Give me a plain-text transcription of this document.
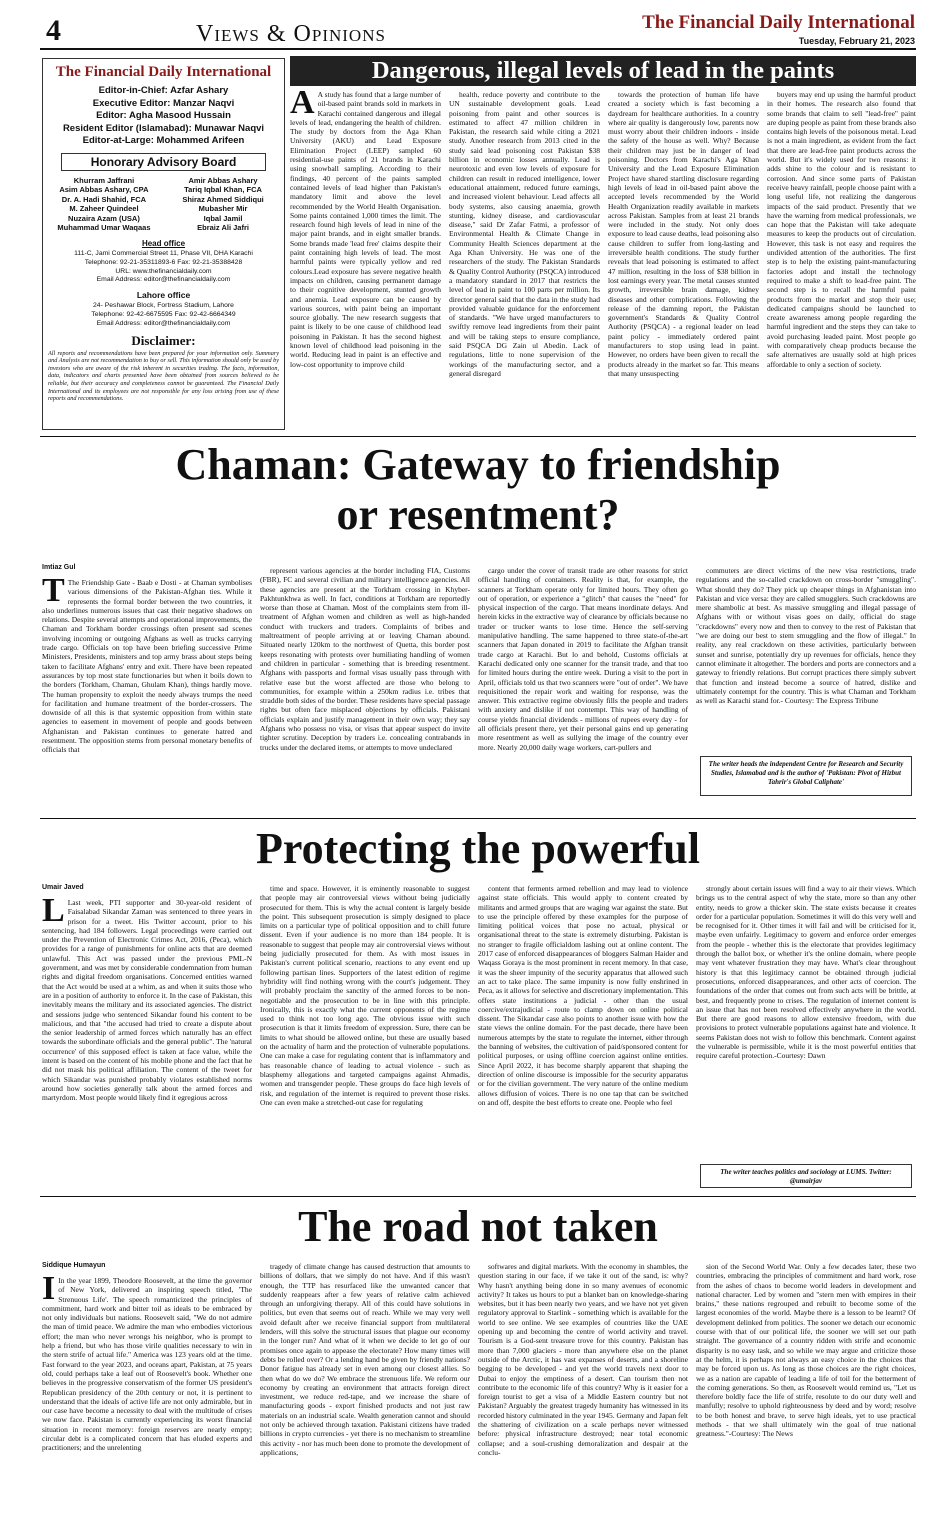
4	Views & Opinions	The Financial Daily International
Tuesday, February 21, 2023
The Financial Daily International
Editor-in-Chief: Azfar Ashary
Executive Editor: Manzar Naqvi
Editor: Agha Masood Hussain
Resident Editor (Islamabad): Munawar Naqvi
Editor-at-Large: Mohammed Arifeen
Honorary Advisory Board
Khurram Jaffrani
Asim Abbas Ashary, CPA
Dr. A. Hadi Shahid, FCA
M. Zaheer Quindeel
Nuzaira Azam (USA)
Muhammad Umar Waqaas
Amir Abbas Ashary
Tariq Iqbal Khan, FCA
Shiraz Ahmed Siddiqui
Mubasher Mir
Iqbal Jamil
Ebraiz Ali Jafri
Head office
111-C, Jami Commercial Street 11, Phase VII, DHA Karachi
Telephone: 92-21-35311893-6 Fax: 92-21-35388428
URL: www.thefinancialdaily.com
Email Address: editor@thefinancialdaily.com
Lahore office
24- Peshawar Block, Fortress Stadium, Lahore
Telephone: 92-42-6675595 Fax: 92-42-6664349
Email Address: editor@thefinancialdaily.com
Disclaimer:
All reports and recommendations have been prepared for your information only. Summary and Analysis are not recommendation to buy or sell. This information should only be used by investors who are aware of the risk inherent in securities trading. The facts, information, data, indicators and charts presented have been obtained from sources believed to be reliable, but their accuracy and completeness cannot be guaranteed. The Financial Daily International and its employees are not responsible for any loss arising from use of these reports and recommendations.
Dangerous, illegal levels of lead in the paints

A A study has found that a large number of oil-based paint brands sold in markets in Karachi contained dangerous and illegal levels of lead, endangering the health of children. The study by doctors from the Aga Khan University (AKU) and Lead Exposure Elimination Project (LEEP) sampled 60 residential-use paints of 21 brands in Karachi using snowball sampling. According to their findings, 40 percent of the paints sampled contained levels of lead higher than Pakistan's mandatory limit and above the level recommended by the World Health Organisation. Some paints contained 1,000 times the limit. The research found high levels of lead in nine of the major paint brands, and in eight smaller brands. Some brands made 'lead free' claims despite their paint containing high levels of lead. The most harmful paints were typically yellow and red colours.Lead exposure has severe negative health impacts on children, causing permanent damage to their cognitive development, stunted growth and anemia. Lead exposure can be caused by various sources, with paint being an important source globally. The new research suggests that paint is likely to be one cause of childhood lead poisoning in Pakistan. It has the second highest known level of childhood lead poisoning in the world. Reducing lead in paint is an effective and low-cost opportunity to improve child

health, reduce poverty and contribute to the UN sustainable development goals. Lead poisoning from paint and other sources is estimated to affect 47 million children in Pakistan, the research said while citing a 2021 study. Another research from 2013 cited in the study said lead poisoning cost Pakistan $38 billion in economic losses annually. Lead is neurotoxic and even low levels of exposure for children can result in reduced intelligence, lower educational attainment, reduced future earnings, and increased violent behaviour. Lead affects all body systems, also causing anaemia, growth stunting, kidney disease, and cardiovascular disease," said Dr Zafar Fatmi, a professor of Environmental Health & Climate Change in Community Health Sciences department at the Aga Khan University. He was one of the researchers of the study. The Pakistan Standards & Quality Control Authority (PSQCA) introduced a mandatory standard in 2017 that restricts the level of lead in paint to 100 parts per million. Its director general said that the data in the study had provided valuable guidance for the enforcement of standards. "We have urged manufacturers to swiftly remove lead ingredients from their paint and will be taking steps to ensure compliance, said PSQCA DG Zain ul Abedin. Lack of regulations, little to none supervision of the workings of the manufacturing sector, and a general disregard

towards the protection of human life have created a society which is fast becoming a daydream for healthcare authorities. In a country where air quality is dangerously low, parents now must worry about their children indoors - inside the safety of the house as well. Why? Because their children may just be in danger of lead poisoning. Doctors from Karachi's Aga Khan University and the Lead Exposure Elimination Project have shared startling disclosure regarding high levels of lead in oil-based paint above the accepted levels recommended by the World Health Organization readily available in markets across Pakistan. Samples from at least 21 brands were included in the study. Not only does exposure to lead cause deaths, lead poisoning also cause children to suffer from long-lasting and irreversible health conditions. The study further reveals that lead poisoning is estimated to affect 47 million, resulting in the loss of $38 billion in lost earnings every year. The metal causes stunted growth, irreversible brain damage, kidney diseases and other complications. Following the release of the damning report, the Pakistan government's Standards & Quality Control Authority (PSQCA) - a regional leader on lead paint policy - immediately ordered paint manufacturers to stop using lead in paint. However, no orders have been given to recall the products already in the market so far. This means that many unsuspecting

buyers may end up using the harmful product in their homes. The research also found that some brands that claim to sell "lead-free" paint are duping people as paint from these brands also contains high levels of the poisonous metal. Lead is not a main ingredient, as evident from the fact that there are lead-free paint products across the world. But it's widely used for two reasons: it adds shine to the colour and is resistant to corrosion. And since some parts of Pakistan receive heavy rainfall, people choose paint with a long useful life, not realizing the dangerous impacts of the said product. Presently that we have the warning from medical professionals, we can hope that the Pakistan will take adequate measures to keep the products out of circulation. However, this task is not easy and requires the undivided attention of the authorities. The first step is to help the existing paint-manufacturing factories adopt and install the technology required to make a shift to lead-free paint. The second step is to recall the harmful paint products from the market and stop their use; dedicated campaigns should be launched to create awareness among people regarding the harmful ingredient and the steps they can take to avoid purchasing leaded paint. Most people go with comparatively cheap products because the safe alternatives are usually sold at high prices affordable to only a section of society.

Chaman: Gateway to friendship
or resentment?
Imtiaz Gul

T The Friendship Gate - Baab e Dosti - at Chaman symbolises various dimensions of the Pakistan-Afghan ties. While it represents the formal border between the two countries, it also underlines numerous issues that cast their negative shadows on relations. Despite several attempts and operational improvements, the Chaman and Torkham border crossings often present sad scenes involving incoming or outgoing Afghans as well as trucks carrying trade cargo. Officials on top have been briefing successive Prime Ministers, Presidents, ministers and top army brass about steps being taken to facilitate Afghans' entry and exit. There have been repeated assurances by top most state functionaries but when it boils down to the borders (Torkham, Chaman, Ghulam Khan), things hardly move. The human propensity to exploit the needy always trumps the need for facilitation and humane treatment of the border-crossers. The downside of all this is that systemic opposition from within state agencies to easement in movement of people and goods between Afghanistan and Pakistan continues to generate hatred and resentment. The opposition stems from personal monetary benefits of officials that

represent various agencies at the border including FIA, Customs (FBR), FC and several civilian and military intelligence agencies. All these agencies are present at the Torkham crossing in Khyber-Pakhtunkhwa as well. In fact, conditions at Torkham are reportedly worse than those at Chaman. Most of the complaints stem from ill-treatment of Afghan women and children as well as high-handed conduct with truckers and traders. Complaints of bribes and maltreatment of people arriving at or leaving Chaman abound. Situated nearly 120km to the northwest of Quetta, this border post keeps resonating with protests over humiliating handling of women and children in particular - something that is breeding resentment. Afghans with passports and formal visas usually pass through with relative ease but the worst affected are those who belong to communities, for example within a 250km radius i.e. tribes that straddle both sides of the border. These residents have special passage rights but often face misplaced objections by officials. Pakistani officials explain and justify management in their own way; they say Afghans who possess no visa, or visas that appear suspect do invite tighter scrutiny. Deception by traders i.e. concealing contrabands in trucks under the declared items, or attempts to move undeclared

cargo under the cover of transit trade are other reasons for strict official handling of containers. Reality is that, for example, the scanners at Torkham operate only for limited hours. They often go out of operation, or experience a "glitch" that causes the "need" for physical inspection of the cargo. That means inordinate delays. And herein kicks in the extractive way of clearance by officials because no trader or trucker wants to lose time. Hence the self-serving manipulative handling. The same happened to three state-of-the-art scanners that Japan donated in 2019 to facilitate the Afghan transit trade cargo at Karachi. But lo and behold, Customs officials at Karachi dedicated only one scanner for the transit trade, and that too for limited hours during the entire week. During a visit to the port in April, officials told us that two scanners were "out of order". We have requisitioned the repair work and waiting for response, was the answer. This extractive regime obviously fills the people and traders with anxiety and dislike if not contempt. This way of handling of course yields financial dividends - millions of rupees every day - for all officials present there, yet their personal gains end up generating more resentment as well as sullying the image of the country ever more. Nearly 20,000 daily wage workers, cart-pullers and

commuters are direct victims of the new visa restrictions, trade regulations and the so-called crackdown on cross-border "smuggling". What should they do? They pick up cheaper things in Afghanistan into Pakistan and vice versa: they are called smugglers. Such crackdowns are mere shambolic at best. As massive smuggling and illegal passage of Afghans with or without visas goes on daily, official do stage "crackdowns" every now and then to convey to the rest of Pakistan that "we are doing our best to stem smuggling and the flow of illegal." In reality, any real crackdown on these activities, particularly between sunset and sunrise, potentially dry up revenues for officials, hence they cannot eliminate it altogether. The borders and ports are connectors and a gateway to friendly relations. But corrupt practices there simply subvert that function and instead become a source of hatred, dislike and ultimately contempt for the country. This is what Chaman and Torkham as well as Karachi stand for.- Courtesy: The Express Tribune

The writer heads the independent Centre for Research and Security Studies, Islamabad and is the author of 'Pakistan: Pivot of Hizbut Tahrir's Global Caliphate'
Protecting the powerful
Umair Javed

L Last week, PTI supporter and 30-year-old resident of Faisalabad Sikandar Zaman was sentenced to three years in prison for a tweet. His Twitter account, prior to his sentencing, had 184 followers. Legal proceedings were carried out under the Prevention of Electronic Crimes Act, 2016, (Peca), which provides for a range of punishments for online acts that are deemed unlawful. This Act was passed under the previous PML-N government, and was met by considerable condemnation from human rights and digital freedom organisations. Concerned entities warned that the Act would be used at a whim, as and when it suits those who are in a position of authority to enforce it. In the case of Pakistan, this inevitably means the military and its associated agencies. The district and sessions judge who sentenced Sikandar found his content to be malicious, and that "the accused had tried to create a dispute about the senior leadership of armed forces which naturally has an effect towards the subordinate officials and the general public". The 'natural occurrence' of this supposed effect is taken at face value, while the intent is based on the content of his mobile phone and the fact that he did not mask his political affiliation. The content of the tweet for which Sikandar was punished probably violates established norms around how societies generally talk about the armed forces and martyrdom. Most people would likely find it egregious across

time and space. However, it is eminently reasonable to suggest that people may air controversial views without being judicially prosecuted for them. This is why the actual content is largely beside the point. This subsequent prosecution is simply designed to place limits on a particular type of political opposition and to chill future dissent. Even if your audience is no more than 184 people. It is reasonable to suggest that people may air controversial views without being judicially prosecuted for them. As with most issues in Pakistan's current political scenario, reactions to any event end up following partisan lines. Supporters of the latest edition of regime hybridity will find nothing wrong with the court's judgement. They will probably proclaim the sanctity of the armed forces to be non-negotiable and the prosecution to be in line with this principle. Ironically, this is exactly what the current opponents of the regime used to think not too long ago. The obvious issue with such prosecution is that it limits freedom of expression. Sure, there can be limits to what should be allowed online, but these are usually based on the actuality of harm and the protection of vulnerable populations. One can make a case for regulating content that is inflammatory and has reasonable chance of leading to actual violence - such as blasphemy allegations and targeted campaigns against Ahmadis, women and transgender people. These groups do face high levels of risk, and regulation of the internet is required to prevent those risks. One can even make a stretched-out case for regulating

content that ferments armed rebellion and may lead to violence against state officials. This would apply to content created by militants and armed groups that are waging war against the state. But to use the principle offered by these examples for the purpose of limiting political voices that pose no actual, physical or organisational threat to the state is extremely disturbing. Pakistan is no stranger to fragile officialdom lashing out at online content. The 2017 case of enforced disappearances of bloggers Salman Haider and Waqass Goraya is the most prominent in recent memory. In that case, it was the sheer impunity of the security apparatus that allowed such an act to take place. The same impunity is now fully enshrined in Peca, as it allows for selective and discretionary implementation. This offers state institutions a judicial - other than the usual coercive/extrajudicial - route to clamp down on online political dissent. The Sikandar case also points to another issue with how the state views the online domain. For the past decade, there have been numerous attempts by the state to regulate the internet, either through the banning of websites, the cultivation of paid/sponsored content for political purposes, or using offline coercion against online entities. Since April 2022, it has become sharply apparent that shaping the direction of online discourse is impossible for the security apparatus or for the civilian government. The very nature of the online medium allows diffusion of voices. There is no one tap that can be switched on and off, despite the best efforts to create one. People who feel

strongly about certain issues will find a way to air their views. Which brings us to the central aspect of why the state, more so than any other entity, needs to grow a thicker skin. The state exists because it creates order for a particular population. Sometimes it will do this very well and be recognised for it. Other times it will fail and will be criticised for it, maybe even unfairly. Legitimacy to govern and enforce order emerges from the people - whether this is the electorate that provides legitimacy through the ballot box, or whether it's the online domain, where people may vent whatever frustration they may have. What's clear throughout history is that this legitimacy cannot be obtained through judicial prosecutions, enforced disappearances, and other acts of coercion. The foundations of the order that comes out from such acts will be brittle, at best, and frequently prone to crises. The regulation of internet content is an issue that has not been resolved effectively anywhere in the world. But there are good reasons to allow extensive freedom, with due provisions to protect vulnerable populations against hate and violence. It seems Pakistan does not wish to follow this benchmark. Content against the vulnerable is permissible, while it is the most powerful entities that require careful protection.-Courtesy: Dawn

The writer teaches politics and sociology at LUMS. Twitter: @umairjav
The road not taken
Siddique Humayun

I In the year 1899, Theodore Roosevelt, at the time the governor of New York, delivered an inspiring speech titled, 'The Strenuous Life'. The speech romanticized the principles of commitment, hard work and bitter toil as ideals to be embraced by not only individuals but nations. Roosevelt said, "We do not admire the man of timid peace. We admire the man who embodies victorious effort; the man who never wrongs his neighbor, who is prompt to help a friend, but who has those virile qualities necessary to win in the stern strife of actual life." America was 123 years old at the time. Fast forward to the year 2023, and oceans apart, Pakistan, at 75 years old, could perhaps take a leaf out of Roosevelt's book. Whether one believes in the progressive conservatism of the former US president's Republican presidency of the 20th century or not, it is pertinent to understand that the ideals of active life are not only admirable, but in our case have become a necessity to deal with the multitude of crises we now face. Pakistan is currently experiencing its worst financial situation in recent memory: foreign reserves are nearly empty; circular debt is a complicated concern that has eluded experts and practitioners; and the unrelenting

tragedy of climate change has caused destruction that amounts to billions of dollars, that we simply do not have. And if this wasn't enough, the TTP has resurfaced like the unwanted cancer that suddenly reappears after a few years of relative calm achieved through an unforgiving therapy. All of this could have solutions in politics, but even that seems out of reach. While we may very well avoid default after we receive financial support from multilateral lenders, will this solve the structural issues that plague our economy in the longer run? And what of it when we decide to let go of our promises once again to appease the electorate? How many times will debts be rolled over? Or a lending hand be given by friendly nations? Donor fatigue has already set in even among our closest allies. So then what do we do? We embrace the strenuous life. We reform our economy by creating an environment that attracts foreign direct investment, we reduce red-tape, and we increase the share of manufacturing goods - export finished products and not just raw materials on an industrial scale. Wealth generation cannot and should not only be achieved through taxation. Pakistani citizens have traded billions in crypto currencies - yet there is no mechanism to streamline this activity - nor has much been done to promote the development of applications,

softwares and digital markets. With the economy in shambles, the question staring in our face, if we take it out of the sand, is: why? Why hasn't anything being done in so many avenues of economic activity? It takes us hours to put a blanket ban on knowledge-sharing websites, but it has been nearly two years, and we have not yet given regulatory approval to Starlink - something which is available for the world to see online. We see examples of countries like the UAE opening up and becoming the centre of world activity and travel. Tourism is a God-sent treasure trove for this country. Pakistan has more than 7,000 glaciers - more than anywhere else on the planet outside of the Arctic, it has vast expanses of deserts, and a shoreline begging to be developed - and yet the world travels next door to Dubai to enjoy the emptiness of a desert. Can tourism then not contribute to the economic life of this country? Why is it easier for a foreign tourist to get a visa of a Middle Eastern country but not Pakistan? Arguably the greatest tragedy humanity has witnessed in its recorded history culminated in the year 1945. Germany and Japan felt the shattering of civilization on a scale perhaps never witnessed before: physical infrastructure destroyed; near total economic collapse; and a soul-crushing demoralization and despair at the conclu-

sion of the Second World War. Only a few decades later, these two countries, embracing the principles of commitment and hard work, rose from the ashes of chaos to become world leaders in development and national character. Led by women and "stern men with empires in their brains," these nations regrouped and rebuilt to become some of the largest economies of the world. Maybe there is a lesson to be learnt? Of development delinked from politics. The sooner we detach our economic course with that of our political life, the sooner we will set our path straight. The governance of a country ridden with strife and economic disparity is no easy task, and so while we may argue and criticize those at the helm, it is perhaps not always an easy choice in the choices that may be forced upon us. As long as those choices are the right choices, we as a nation are capable of leading a life of toil for the betterment of the coming generations. So then, as Roosevelt would remind us, "Let us therefore boldly face the life of strife, resolute to do our duty well and manfully; resolve to uphold righteousness by deed and by word; resolve to be both honest and brave, to serve high ideals, yet to use practical methods - that we shall ultimately win the goal of true national greatness."-Courtesy: The News
